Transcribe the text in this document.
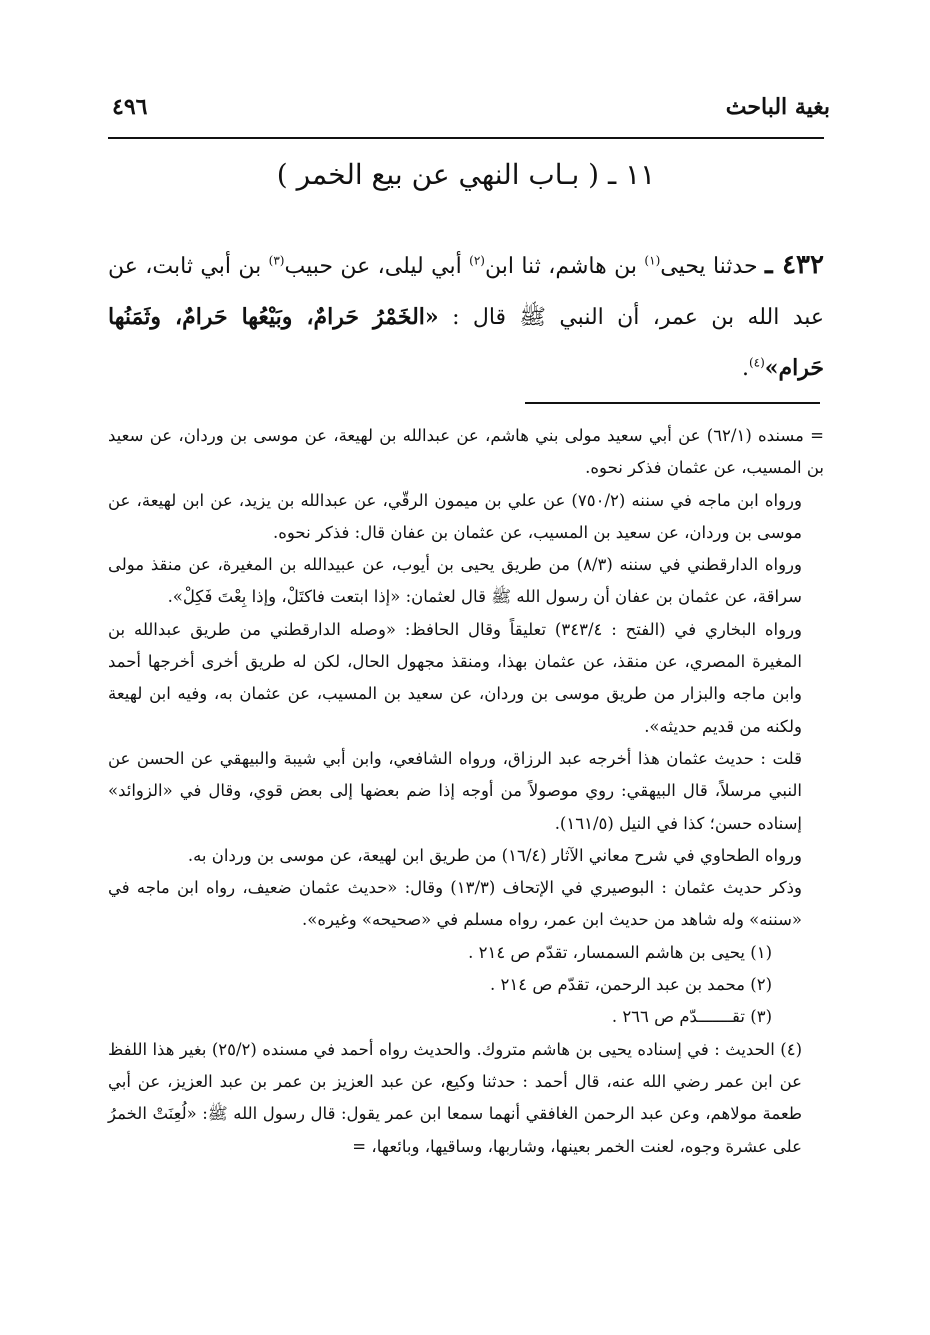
بغية الباحث
٤٩٦
١١ ـ ( بـاب النهي عن بيع الخمر )
٤٣٢ ـ حدثنا يحيى$^{(١)}$ بن هاشم، ثنا ابن$^{(٢)}$ أبي ليلى، عن حبيب$^{(٣)}$ بن أبي ثابت، عن عبد الله بن عمر، أن النبي ﷺ قال : «الخَمْرُ حَرامٌ، وبَيْعُها حَرامٌ، وثَمَنُها حَرام»$^{(٤)}$.

= مسنده (٦٢/١) عن أبي سعيد مولى بني هاشم، عن عبدالله بن لهيعة، عن موسى بن وردان، عن سعيد بن المسيب، عن عثمان فذكر نحوه.

ورواه ابن ماجه في سننه (٧٥٠/٢) عن علي بن ميمون الرقّي، عن عبدالله بن يزيد، عن ابن لهيعة، عن موسى بن وردان، عن سعيد بن المسيب، عن عثمان بن عفان قال: فذكر نحوه.

ورواه الدارقطني في سننه (٨/٣) من طريق يحيى بن أيوب، عن عبيدالله بن المغيرة، عن منقذ مولى سراقة، عن عثمان بن عفان أن رسول الله ﷺ قال لعثمان: «إذا ابتعت فاكتَلْ، وإذا بِعْتَ فَكِلْ».

ورواه البخاري في (الفتح : ٣٤٣/٤) تعليقاً وقال الحافظ: «وصله الدارقطني من طريق عبدالله بن المغيرة المصري، عن منقذ، عن عثمان بهذا، ومنقذ مجهول الحال، لكن له طريق أخرى أخرجها أحمد وابن ماجه والبزار من طريق موسى بن وردان، عن سعيد بن المسيب، عن عثمان به، وفيه ابن لهيعة ولكنه من قديم حديثه».

قلت : حديث عثمان هذا أخرجه عبد الرزاق، ورواه الشافعي، وابن أبي شيبة والبيهقي عن الحسن عن النبي مرسلاً، قال البيهقي: روي موصولاً من أوجه إذا ضم بعضها إلى بعض قوي، وقال في «الزوائد» إسناده حسن؛ كذا في النيل (١٦١/٥).

ورواه الطحاوي في شرح معاني الآثار (١٦/٤) من طريق ابن لهيعة، عن موسى بن وردان به.

وذكر حديث عثمان : البوصيري في الإتحاف (١٣/٣) وقال: «حديث عثمان ضعيف، رواه ابن ماجه في «سننه» وله شاهد من حديث ابن عمر، رواه مسلم في «صحيحه» وغيره».

(١) يحيى بن هاشم السمسار، تقدّم ص ٢١٤ .

(٢) محمد بن عبد الرحمن، تقدّم ص ٢١٤ .

(٣) تقـــــــدّم ص ٢٦٦ .

(٤) الحديث : في إسناده يحيى بن هاشم متروك. والحديث رواه أحمد في مسنده (٢٥/٢) بغير هذا اللفظ عن ابن عمر رضي الله عنه، قال أحمد : حدثنا وكيع، عن عبد العزيز بن عمر بن عبد العزيز، عن أبي طعمة مولاهم، وعن عبد الرحمن الغافقي أنهما سمعا ابن عمر يقول: قال رسول الله ﷺ: «لُعِنَتْ الخمرُ على عشرة وجوه، لعنت الخمر بعينها، وشاربها، وساقيها، وبائعها، =
